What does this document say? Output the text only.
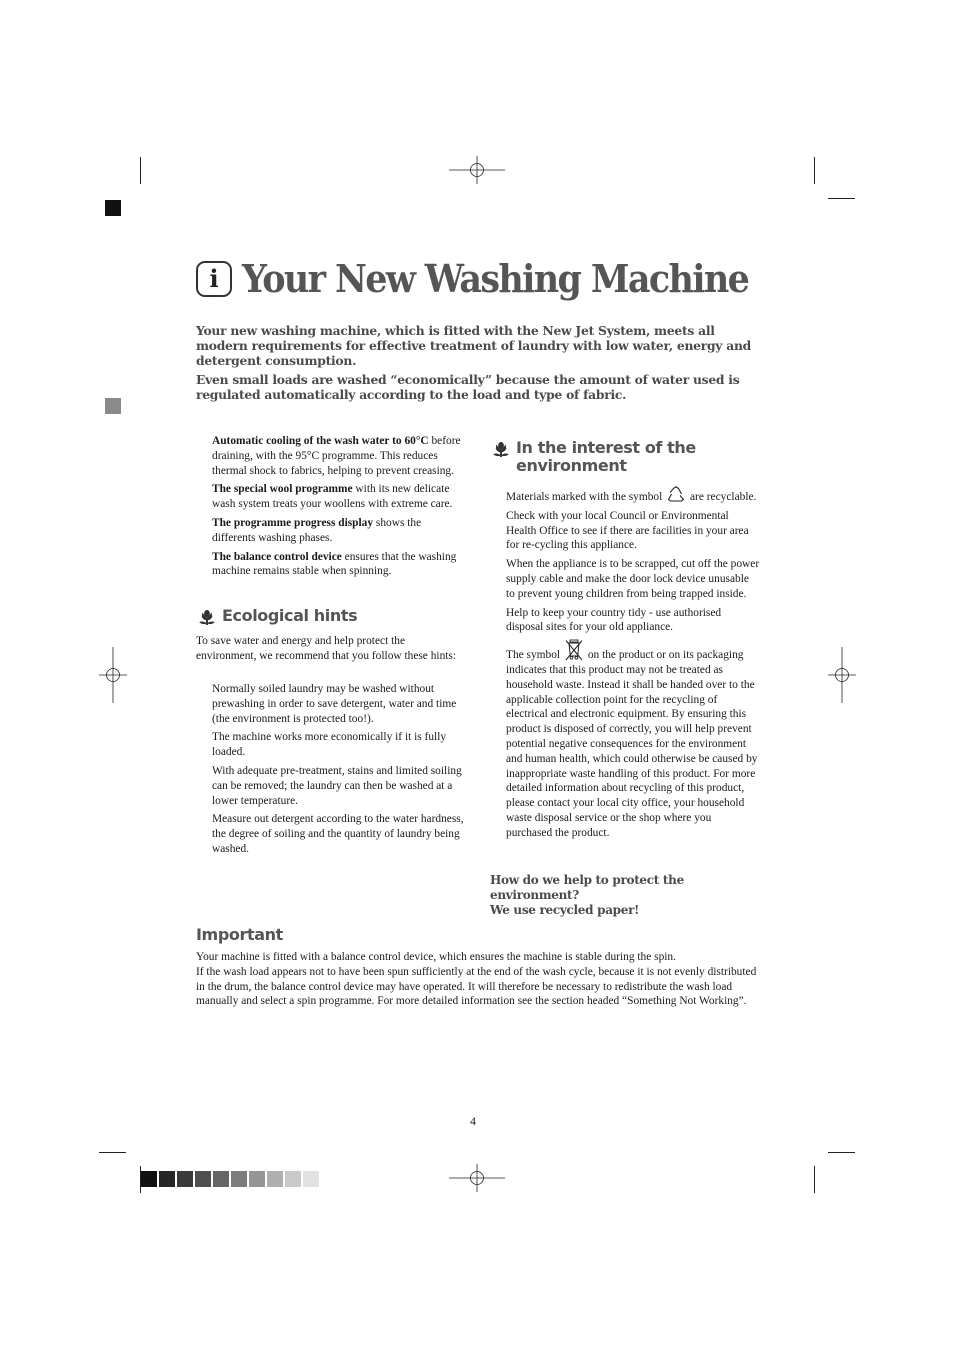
i Your New Washing Machine

Your new washing machine, which is fitted with the New Jet System, meets all modern requirements for effective treatment of laundry with low water, energy and detergent consumption.

Even small loads are washed “economically” because the amount of water used is regulated automatically according to the load and type of fabric.

Automatic cooling of the wash water to 60°C before draining, with the 95°C programme. This reduces thermal shock to fabrics, helping to prevent creasing.

The special wool programme with its new delicate wash system treats your woollens with extreme care.

The programme progress display shows the differents washing phases.

The balance control device ensures that the washing machine remains stable when spinning.

Ecological hints

To save water and energy and help protect the environment, we recommend that you follow these hints:

Normally soiled laundry may be washed without prewashing in order to save detergent, water and time (the environment is protected too!).

The machine works more economically if it is fully loaded.

With adequate pre-treatment, stains and limited soiling can be removed; the laundry can then be washed at a lower temperature.

Measure out detergent according to the water hardness, the degree of soiling and the quantity of laundry being washed.

In the interest of the environment

Materials marked with the symbol are recyclable.

Check with your local Council or Environmental Health Office to see if there are facilities in your area for re-cycling this appliance.

When the appliance is to be scrapped, cut off the power supply cable and make the door lock device unusable to prevent young children from being trapped inside.

Help to keep your country tidy - use authorised disposal sites for your old appliance.

The symbol on the product or on its packaging indicates that this product may not be treated as household waste. Instead it shall be handed over to the applicable collection point for the recycling of electrical and electronic equipment. By ensuring this product is disposed of correctly, you will help prevent potential negative consequences for the environment and human health, which could otherwise be caused by inappropriate waste handling of this product. For more detailed information about recycling of this product, please contact your local city office, your household waste disposal service or the shop where you purchased the product.

How do we help to protect the environment?

We use recycled paper!

Important
Your machine is fitted with a balance control device, which ensures the machine is stable during the spin.
If the wash load appears not to have been spun sufficiently at the end of the wash cycle, because it is not evenly distributed in the drum, the balance control device may have operated. It will therefore be necessary to redistribute the wash load manually and select a spin programme. For more detailed information see the section headed “Something Not Working”.
4
